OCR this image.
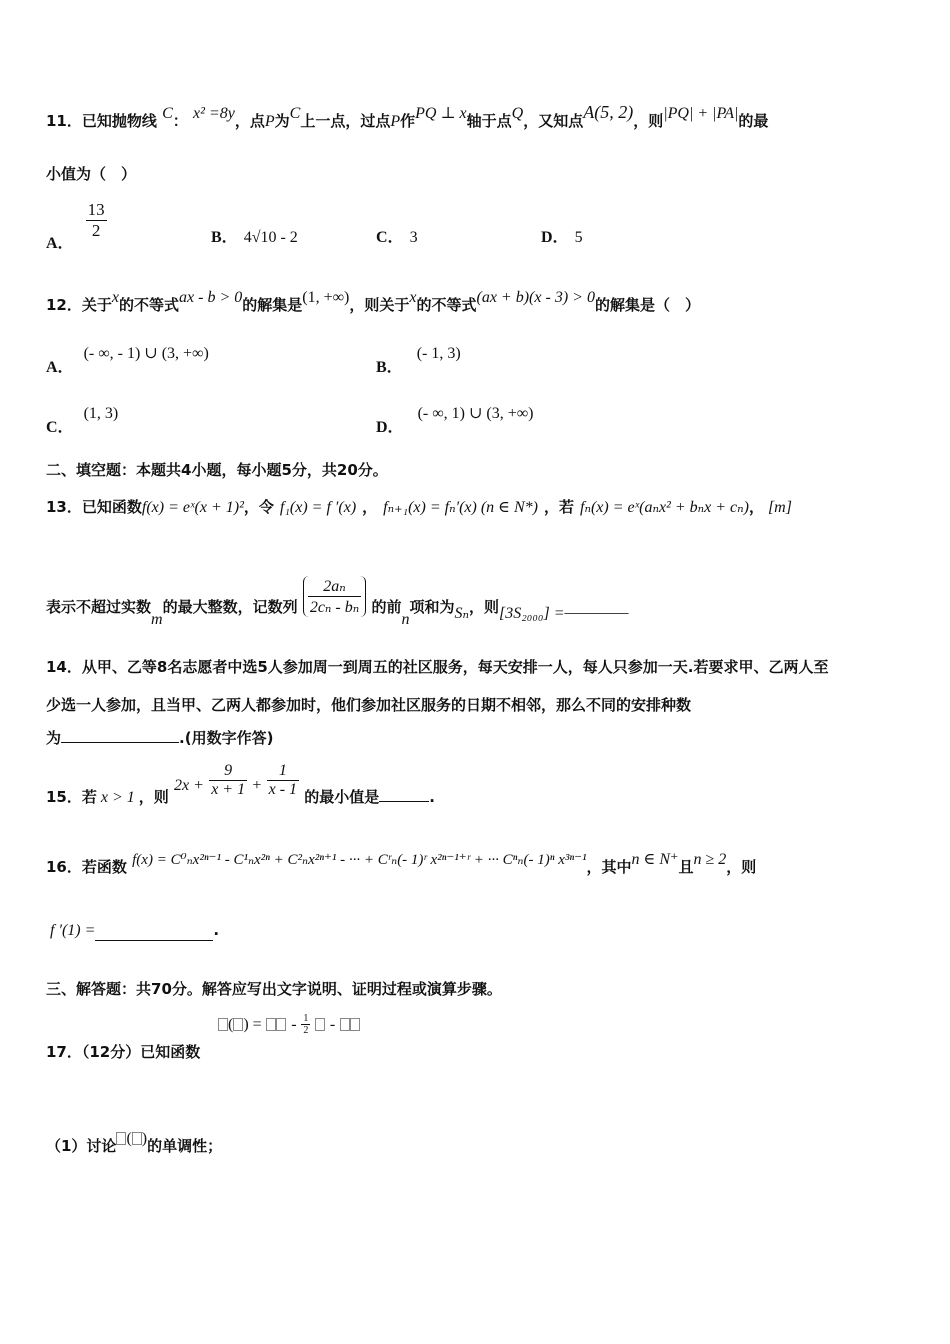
11．已知抛物线 C： x² =8y，点P为C上一点，过点P作PQ ⊥ x轴于点Q，又知点A(5, 2)，则|PQ| + |PA|的最
小值为（　）
A．
$\frac{13}{2}$	B． 4√10 - 2	C． 3	D． 5
12．关于x的不等式ax - b > 0的解集是(1, +∞)，则关于x的不等式(ax + b)(x - 3) > 0的解集是（　）
A．(- ∞, - 1) ∪ (3, +∞)
B．(- 1, 3)
C．(1, 3)
D．(- ∞, 1) ∪ (3, +∞)
二、填空题：本题共4小题，每小题5分，共20分。
13．已知函数f(x) = eˣ(x + 1)²，令 f₁(x) = f ′(x) ， fₙ₊₁(x) = fₙ′(x) (n ∈ N*) ，若 fₙ(x) = eˣ(aₙx² + bₙx + cₙ)， [m]
表示不超过实数m的最大整数，记数列 $\frac{\text{2aₙ}}{\text{2cₙ - bₙ}}$ 的前n项和为Sₙ，则[3S₂₀₀₀] =________
14．从甲、乙等8名志愿者中选5人参加周一到周五的社区服务，每天安排一人，每人只参加一天.若要求甲、乙两人至
少选一人参加，且当甲、乙两人都参加时，他们参加社区服务的日期不相邻，那么不同的安排种数
为	.(用数字作答)
15．若 x > 1 ，则 $2x + \frac{9}{x + 1} + \frac{1}{x - 1}$ 的最小值是	.
16．若函数 f(x) = C⁰ₙx²ⁿ⁻¹ - C¹ₙx²ⁿ + C²ₙx²ⁿ⁺¹ - ··· + Cʳₙ(- 1)ʳ x²ⁿ⁻¹⁺ʳ + ··· Cⁿₙ(- 1)ⁿ x³ⁿ⁻¹，其中n ∈ N⁺且n ≥ 2，则
f ′(1) =	.
三、解答题：共70分。解答应写出文字说明、证明过程或演算步骤。
( ) = - $\frac{1}{2}$ -
17．（12分）已知函数
（1）讨论 ( )的单调性；
